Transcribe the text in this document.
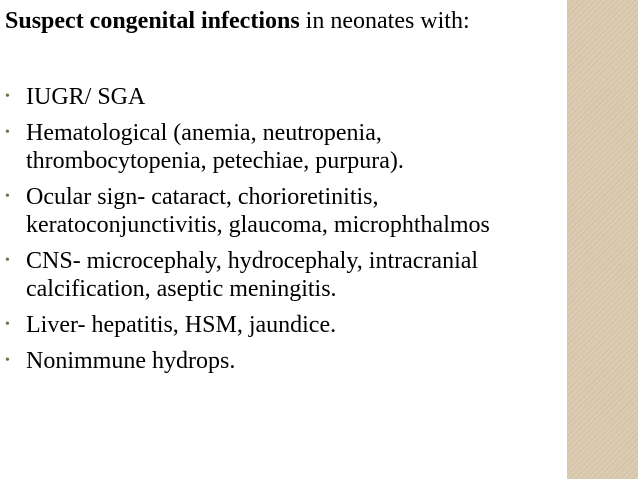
Suspect congenital infections in neonates with:

• IUGR/ SGA
• Hematological (anemia, neutropenia, thrombocytopenia, petechiae, purpura).
• Ocular sign- cataract, chorioretinitis, keratoconjunctivitis, glaucoma, microphthalmos
• CNS- microcephaly, hydrocephaly, intracranial calcification, aseptic meningitis.
• Liver- hepatitis, HSM, jaundice.
• Nonimmune hydrops.
